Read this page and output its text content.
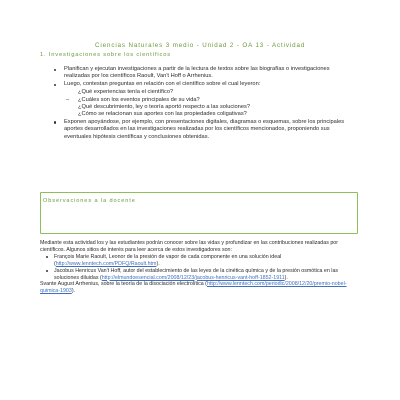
Ciencias Naturales 3 medio - Unidad 2 - OA 13 - Actividad
1. Investigaciones sobre los científicos
Planifican y ejecutan investigaciones a partir de la lectura de textos sobre las biografías o investigaciones realizadas por los científicos Raoult, Van't Hoff o Arrhenius.
Luego, contestan preguntas en relación con el científico sobre el cual leyeron:
¿Qué experiencias tenía el científico?
– ¿Cuáles son los eventos principales de su vida?
¿Qué descubrimiento, ley o teoría aportó respecto a las soluciones?
¿Cómo se relacionan sus aportes con las propiedades coligativas?
Exponen apoyándose, por ejemplo, con presentaciones digitales, diagramas o esquemas, sobre los principales aportes desarrollados en las investigaciones realizadas por los científicos mencionados, proponiendo sus eventuales hipótesis científicas y conclusiones obtenidas.
Observaciones a la docente

Mediante esta actividad los y las estudiantes podrán conocer sobre las vidas y profundizar en las contribuciones realizadas por científicos. Algunos sitios de interés para leer acerca de estos investigadores son:

François Marie Raoult, Leonor de la presión de vapor de cada componente en una solución ideal (http://www.lenntech.com/PDFQ/Raoult.htm).
Jacobus Henricus Van't Hoff, autor del establecimiento de las leyes de la cinética química y de la presión osmótica en las soluciones diluidas (http://elmundoesencial.com/2008/12/23/jacobus-henricus-vant-hoff-1852-1911).

Svante August Arrhenius, sobre la teoría de la disociación electrolítica (http://www.lenntech.com/periodic/2008/12/20/premio-nobel-quimica-1903).
